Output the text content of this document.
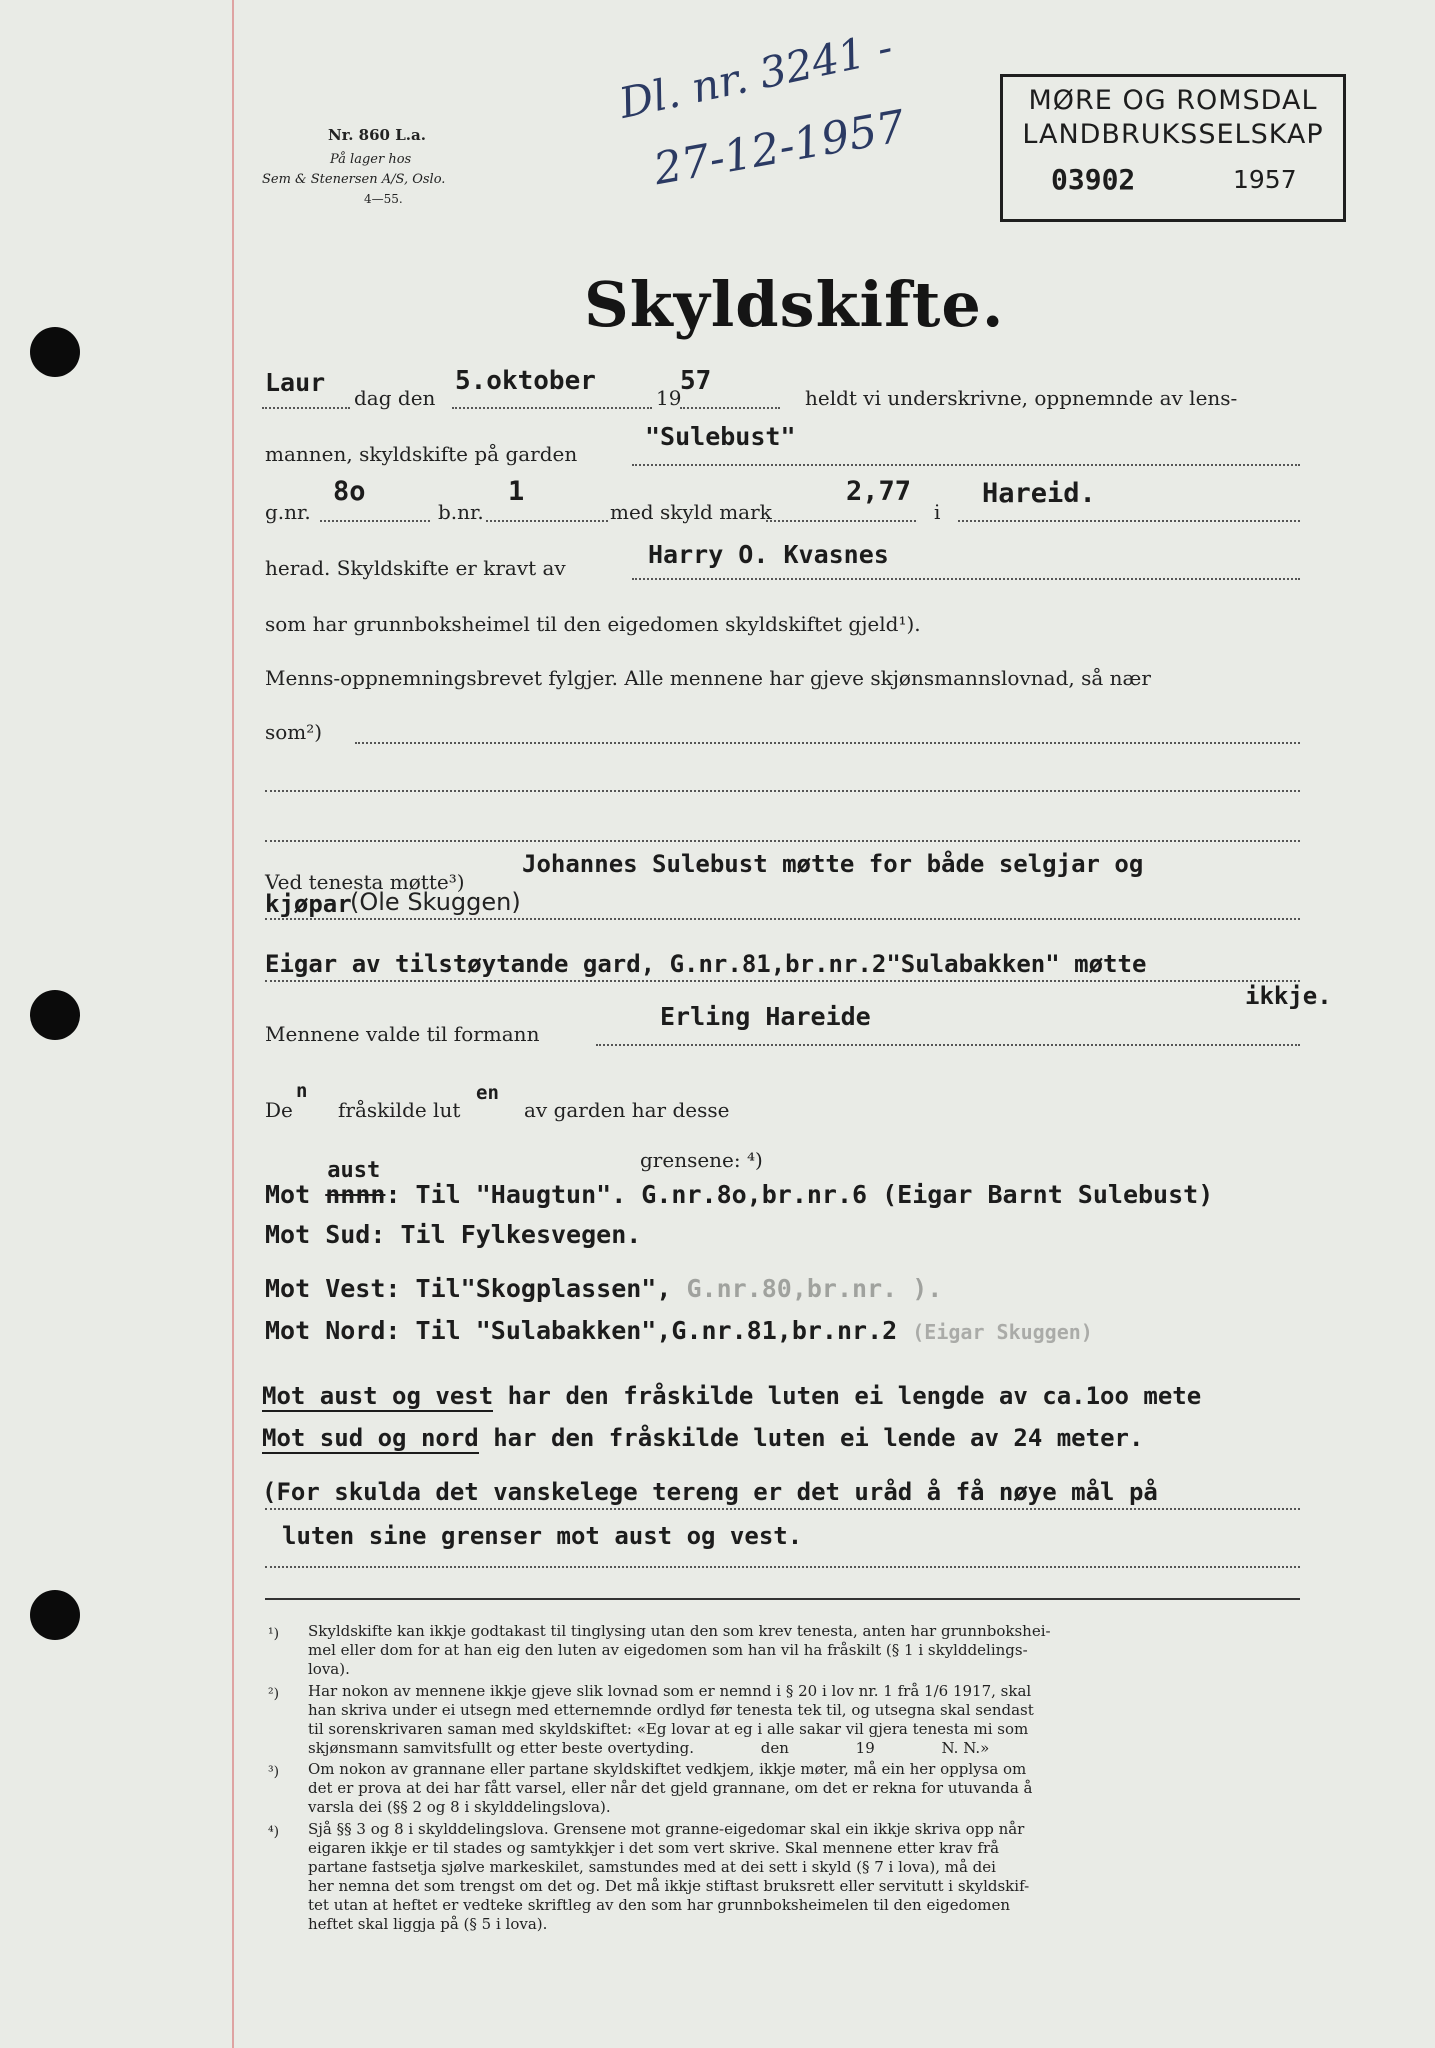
Nr. 860 L.a.
På lager hos
Sem & Stenersen A/S, Oslo.
4—55.
Dl. nr. 3241 -
27-12-1957
MØRE OG ROMSDAL
LANDBRUKSSELSKAP
03902	1957
Skyldskifte.
Laur
dag den
5.oktober
19
57
heldt vi underskrivne, oppnemnde av lens-
mannen, skyldskifte på garden
"Sulebust"
g.nr.
8o
b.nr.
1
med skyld mark
2,77
i
Hareid.
herad. Skyldskifte er kravt av	Harry O. Kvasnes
som har grunnboksheimel til den eigedomen skyldskiftet gjeld¹).
Menns-oppnemningsbrevet fylgjer. Alle mennene har gjeve skjønsmannslovnad, så nær
som²)
Ved tenesta møtte³)
Johannes Sulebust møtte for både selgjar og
kjøpar
(Ole Skuggen)
Eigar av tilstøytande gard, G.nr.81,br.nr.2"Sulabakken" møtte
ikkje.
Mennene valde til formann
Erling Hareide
De
n
fråskilde lut
en
av garden har desse
grensene: ⁴)
Mot nnnn
aust
: Til "Haugtun". G.nr.8o,br.nr.6 (Eigar Barnt Sulebust)
Mot Sud: Til Fylkesvegen.
Mot Vest: Til"Skogplassen", G.nr.80,br.nr. ).
Mot Nord: Til "Sulabakken",G.nr.81,br.nr.2 (Eigar Skuggen)
Mot aust og vest har den fråskilde luten ei lengde av ca.1oo mete
Mot sud og nord har den fråskilde luten ei lende av 24 meter.
(For skulda det vanskelege tereng er det uråd å få nøye mål på
luten sine grenser mot aust og vest.
¹) Skyldskifte kan ikkje godtakast til tinglysing utan den som krev tenesta, anten har grunnbokshei-
mel eller dom for at han eig den luten av eigedomen som han vil ha fråskilt (§ 1 i skylddelings-
lova).
²) Har nokon av mennene ikkje gjeve slik lovnad som er nemnd i § 20 i lov nr. 1 frå 1/6 1917, skal
han skriva under ei utsegn med etternemnde ordlyd før tenesta tek til, og utsegna skal sendast
til sorenskrivaren saman med skyldskiftet: «Eg lovar at eg i alle sakar vil gjera tenesta mi som
skjønsmann samvitsfullt og etter beste overtyding.              den              19              N. N.»
³) Om nokon av grannane eller partane skyldskiftet vedkjem, ikkje møter, må ein her opplysa om
det er prova at dei har fått varsel, eller når det gjeld grannane, om det er rekna for utuvanda å
varsla dei (§§ 2 og 8 i skylddelingslova).
⁴) Sjå §§ 3 og 8 i skylddelingslova. Grensene mot granne-eigedomar skal ein ikkje skriva opp når
eigaren ikkje er til stades og samtykkjer i det som vert skrive. Skal mennene etter krav frå
partane fastsetja sjølve markeskilet, samstundes med at dei sett i skyld (§ 7 i lova), må dei
her nemna det som trengst om det og. Det må ikkje stiftast bruksrett eller servitutt i skyldskif-
tet utan at heftet er vedteke skriftleg av den som har grunnboksheimelen til den eigedomen
heftet skal liggja på (§ 5 i lova).
